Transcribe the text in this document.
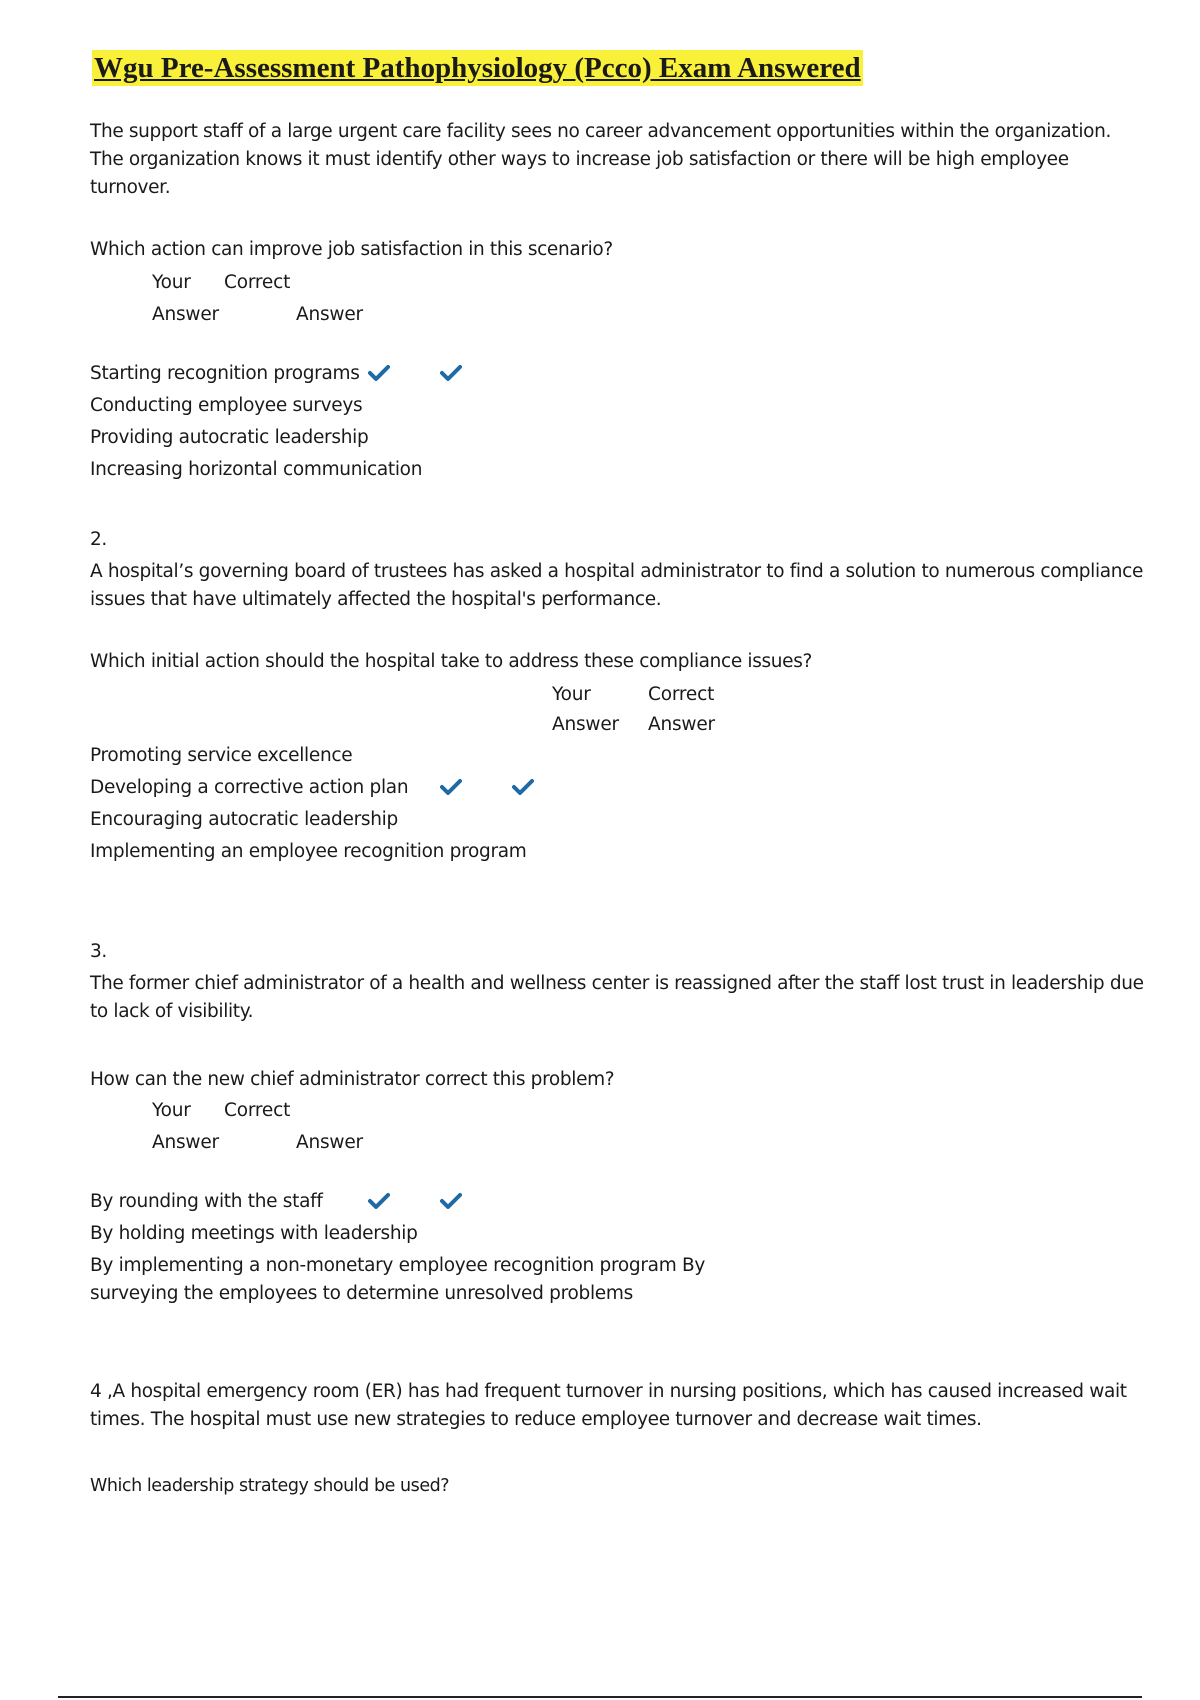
Wgu Pre-Assessment Pathophysiology (Pcco) Exam Answered
The support staff of a large urgent care facility sees no career advancement opportunities within the organization.
The organization knows it must identify other ways to increase job satisfaction or there will be high employee
turnover.
Which action can improve job satisfaction in this scenario?
Your Correct
Answer	Answer
Starting recognition programs
Conducting employee surveys
Providing autocratic leadership
Increasing horizontal communication
2.
A hospital’s governing board of trustees has asked a hospital administrator to find a solution to numerous compliance
issues that have ultimately affected the hospital's performance.
Which initial action should the hospital take to address these compliance issues?
Your	Correct
Answer Answer
Promoting service excellence
Developing a corrective action plan
Encouraging autocratic leadership
Implementing an employee recognition program
3.
The former chief administrator of a health and wellness center is reassigned after the staff lost trust in leadership due
to lack of visibility.
How can the new chief administrator correct this problem?
Your Correct
Answer	Answer
By rounding with the staff
By holding meetings with leadership
By implementing a non-monetary employee recognition program By
surveying the employees to determine unresolved problems
4 ,A hospital emergency room (ER) has had frequent turnover in nursing positions, which has caused increased wait
times. The hospital must use new strategies to reduce employee turnover and decrease wait times.
Which leadership strategy should be used?
